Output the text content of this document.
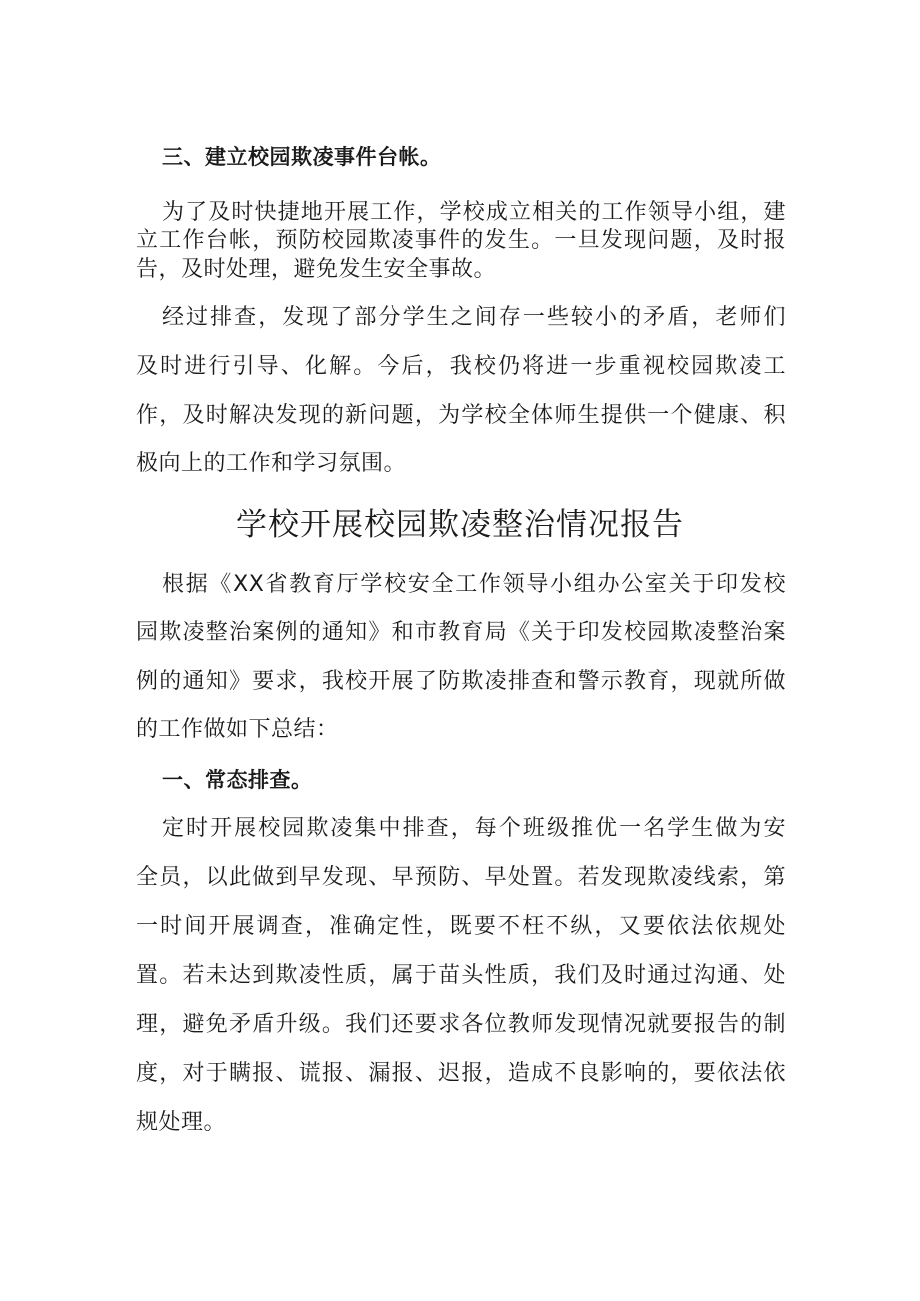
三、建立校园欺凌事件台帐。
为了及时快捷地开展工作，学校成立相关的工作领导小组，建
立工作台帐，预防校园欺凌事件的发生。一旦发现问题，及时报
告，及时处理，避免发生安全事故。
经过排查，发现了部分学生之间存一些较小的矛盾，老师们
及时进行引导、化解。今后，我校仍将进一步重视校园欺凌工
作，及时解决发现的新问题，为学校全体师生提供一个健康、积
极向上的工作和学习氛围。
学校开展校园欺凌整治情况报告
根据《XX省教育厅学校安全工作领导小组办公室关于印发校
园欺凌整治案例的通知》和市教育局《关于印发校园欺凌整治案
例的通知》要求，我校开展了防欺凌排查和警示教育，现就所做
的工作做如下总结：
一、常态排查。
定时开展校园欺凌集中排查，每个班级推优一名学生做为安
全员，以此做到早发现、早预防、早处置。若发现欺凌线索，第
一时间开展调查，准确定性，既要不枉不纵，又要依法依规处
置。若未达到欺凌性质，属于苗头性质，我们及时通过沟通、处
理，避免矛盾升级。我们还要求各位教师发现情况就要报告的制
度，对于瞒报、谎报、漏报、迟报，造成不良影响的，要依法依
规处理。
